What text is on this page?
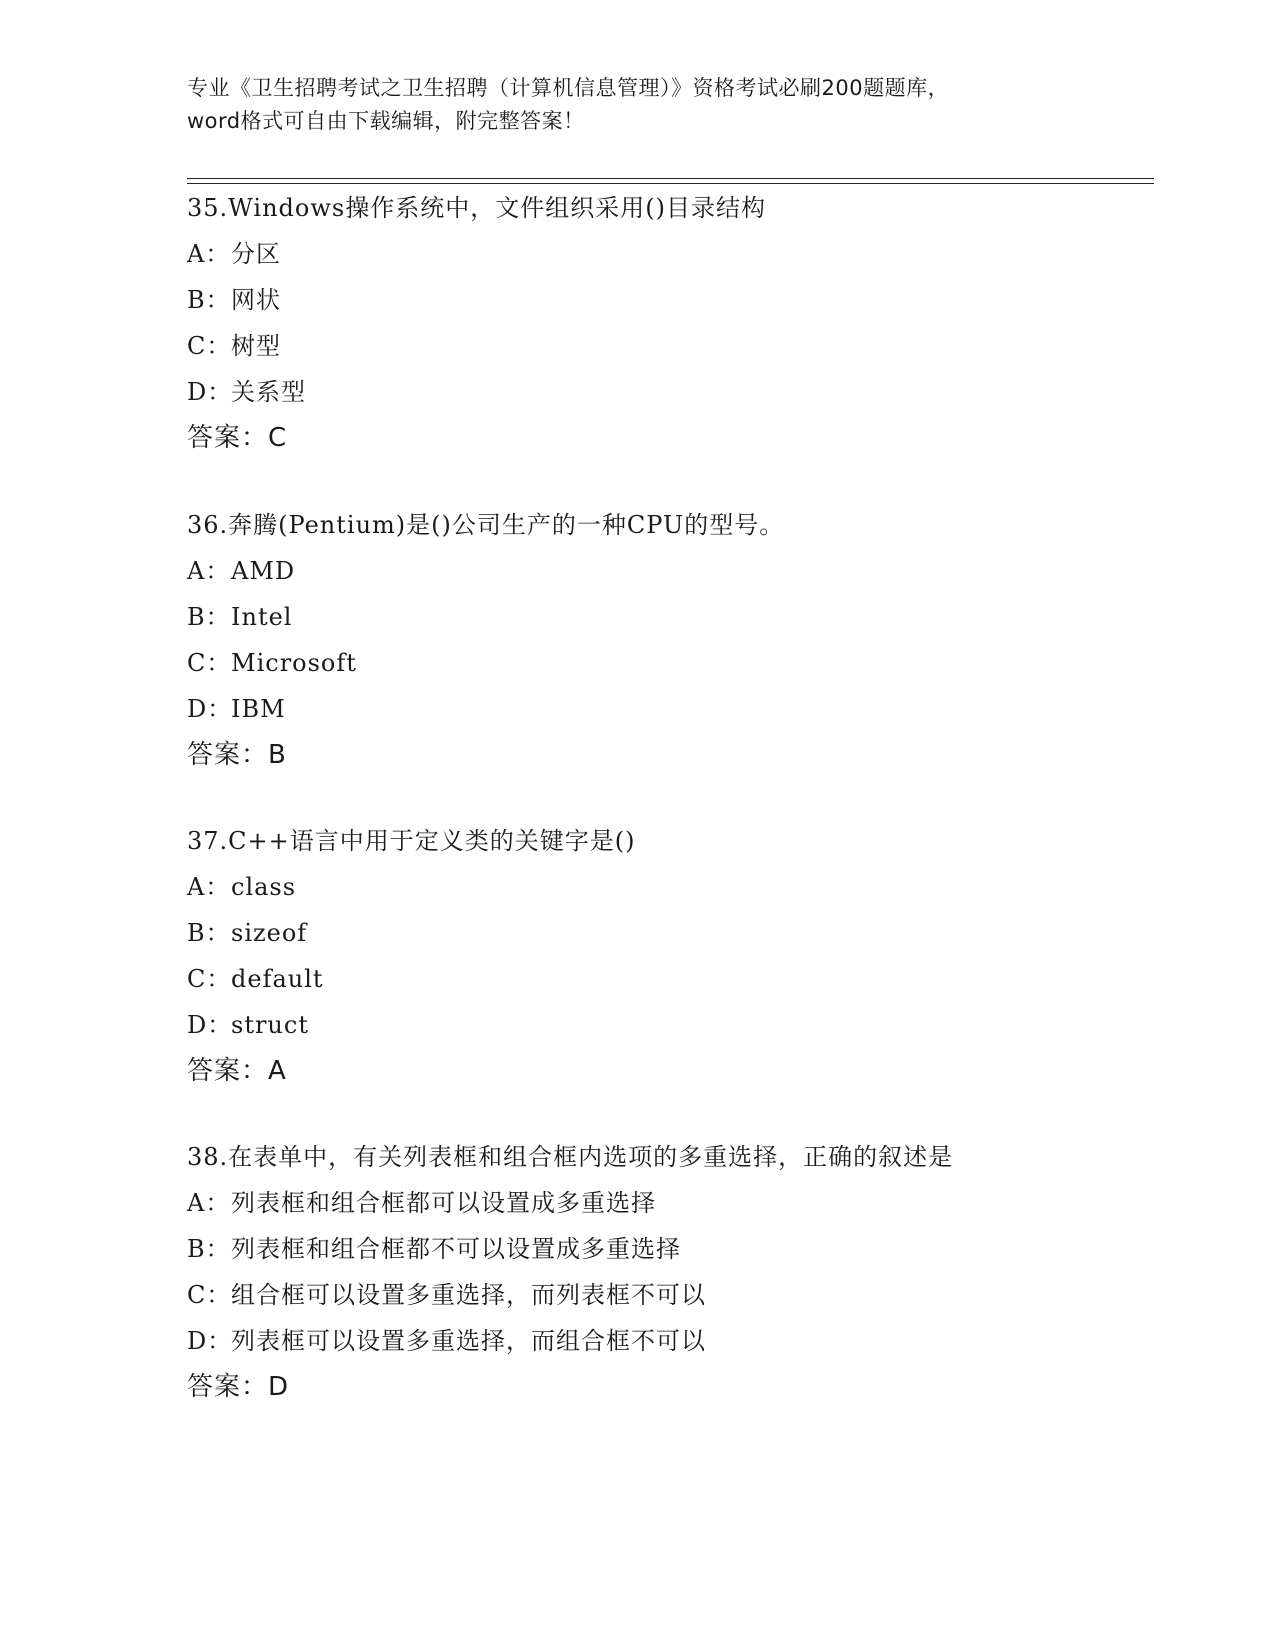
专业《卫生招聘考试之卫生招聘（计算机信息管理）》资格考试必刷200题题库，
word格式可自由下载编辑，附完整答案！
35.Windows操作系统中，文件组织采用()目录结构
A：分区
B：网状
C：树型
D：关系型
答案：C
36.奔腾(Pentium)是()公司生产的一种CPU的型号。
A：AMD
B：Intel
C：Microsoft
D：IBM
答案：B
37.C++语言中用于定义类的关键字是()
A：class
B：sizeof
C：default
D：struct
答案：A
38.在表单中，有关列表框和组合框内选项的多重选择，正确的叙述是
A：列表框和组合框都可以设置成多重选择
B：列表框和组合框都不可以设置成多重选择
C：组合框可以设置多重选择，而列表框不可以
D：列表框可以设置多重选择，而组合框不可以
答案：D
